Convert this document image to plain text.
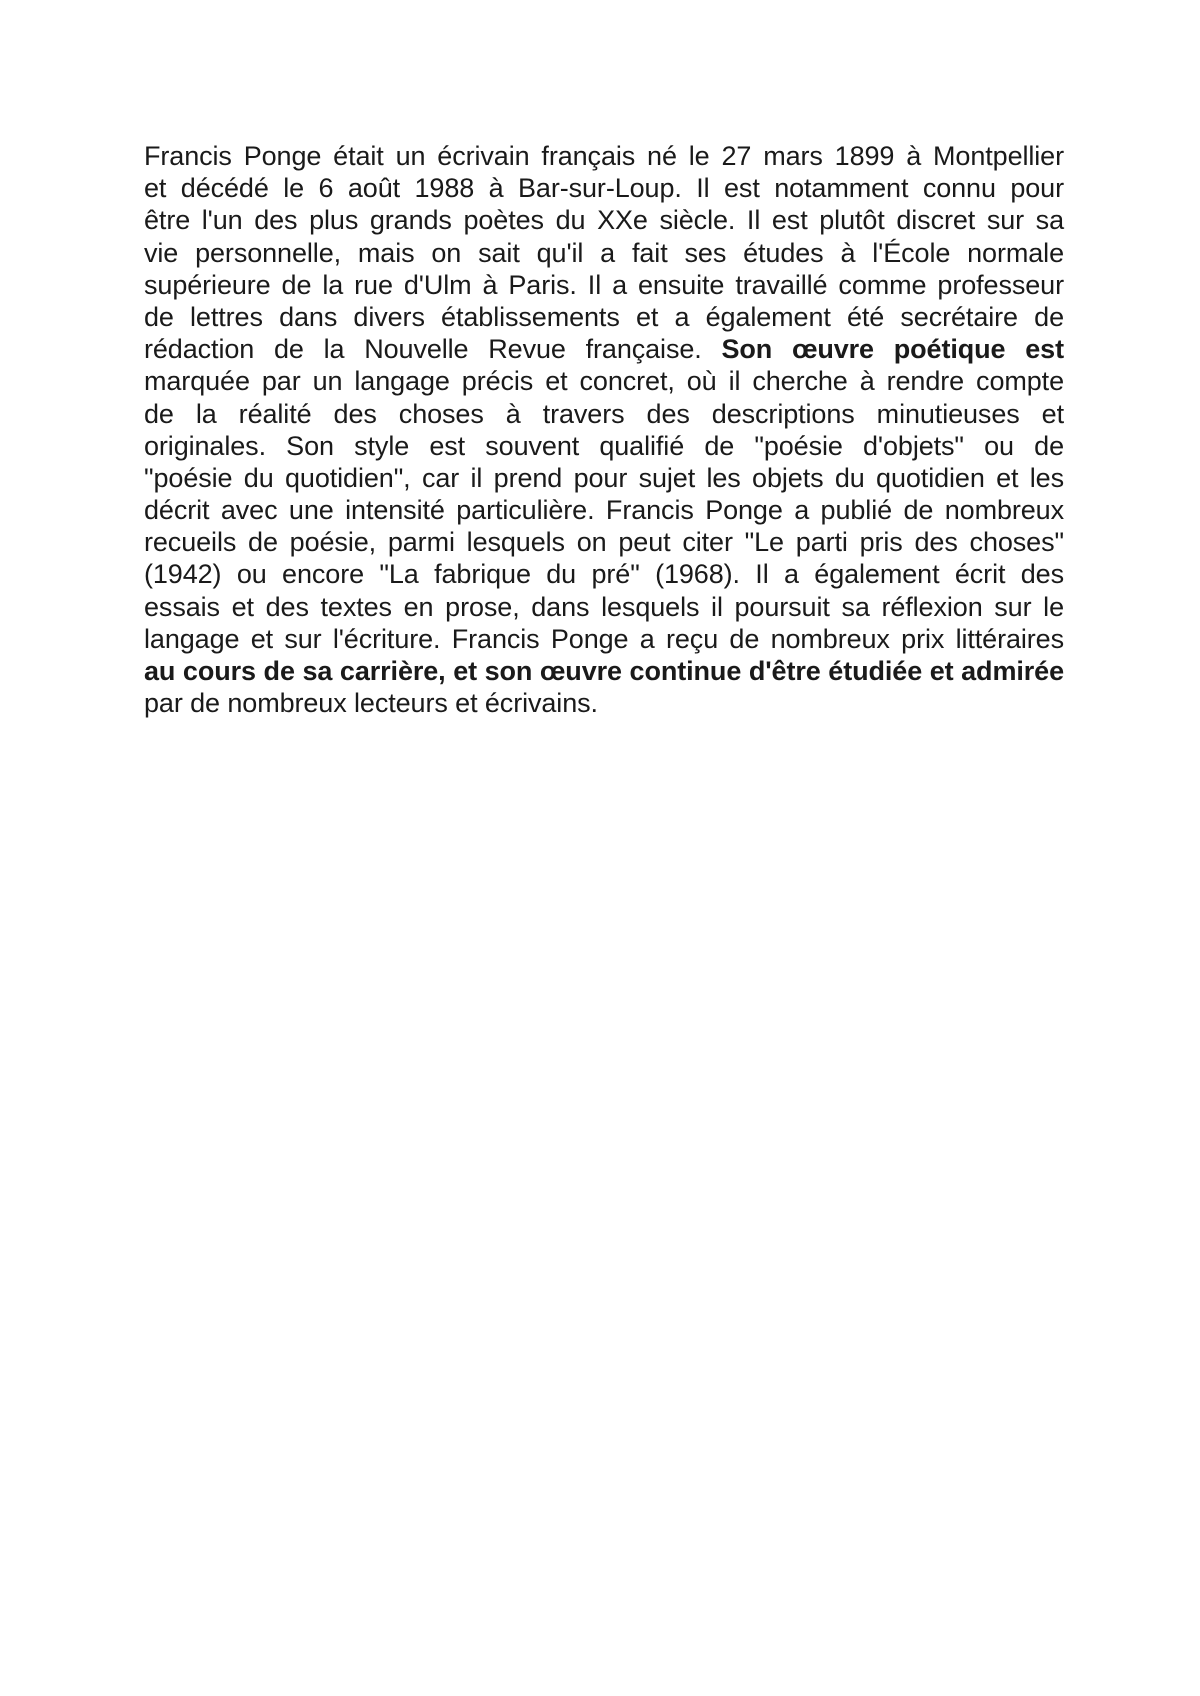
Francis Ponge était un écrivain français né le 27 mars 1899 à Montpellier
et décédé le 6 août 1988 à Bar-sur-Loup. Il est notamment connu pour
être l'un des plus grands poètes du XXe siècle. Il est plutôt discret sur sa
vie personnelle, mais on sait qu'il a fait ses études à l'École normale
supérieure de la rue d'Ulm à Paris. Il a ensuite travaillé comme professeur
de lettres dans divers établissements et a également été secrétaire de
rédaction de la Nouvelle Revue française. Son œuvre poétique est
marquée par un langage précis et concret, où il cherche à rendre compte
de la réalité des choses à travers des descriptions minutieuses et
originales. Son style est souvent qualifié de "poésie d'objets" ou de
"poésie du quotidien", car il prend pour sujet les objets du quotidien et les
décrit avec une intensité particulière. Francis Ponge a publié de nombreux
recueils de poésie, parmi lesquels on peut citer "Le parti pris des choses"
(1942) ou encore "La fabrique du pré" (1968). Il a également écrit des
essais et des textes en prose, dans lesquels il poursuit sa réflexion sur le
langage et sur l'écriture. Francis Ponge a reçu de nombreux prix littéraires
au cours de sa carrière, et son œuvre continue d'être étudiée et admirée
par de nombreux lecteurs et écrivains.
